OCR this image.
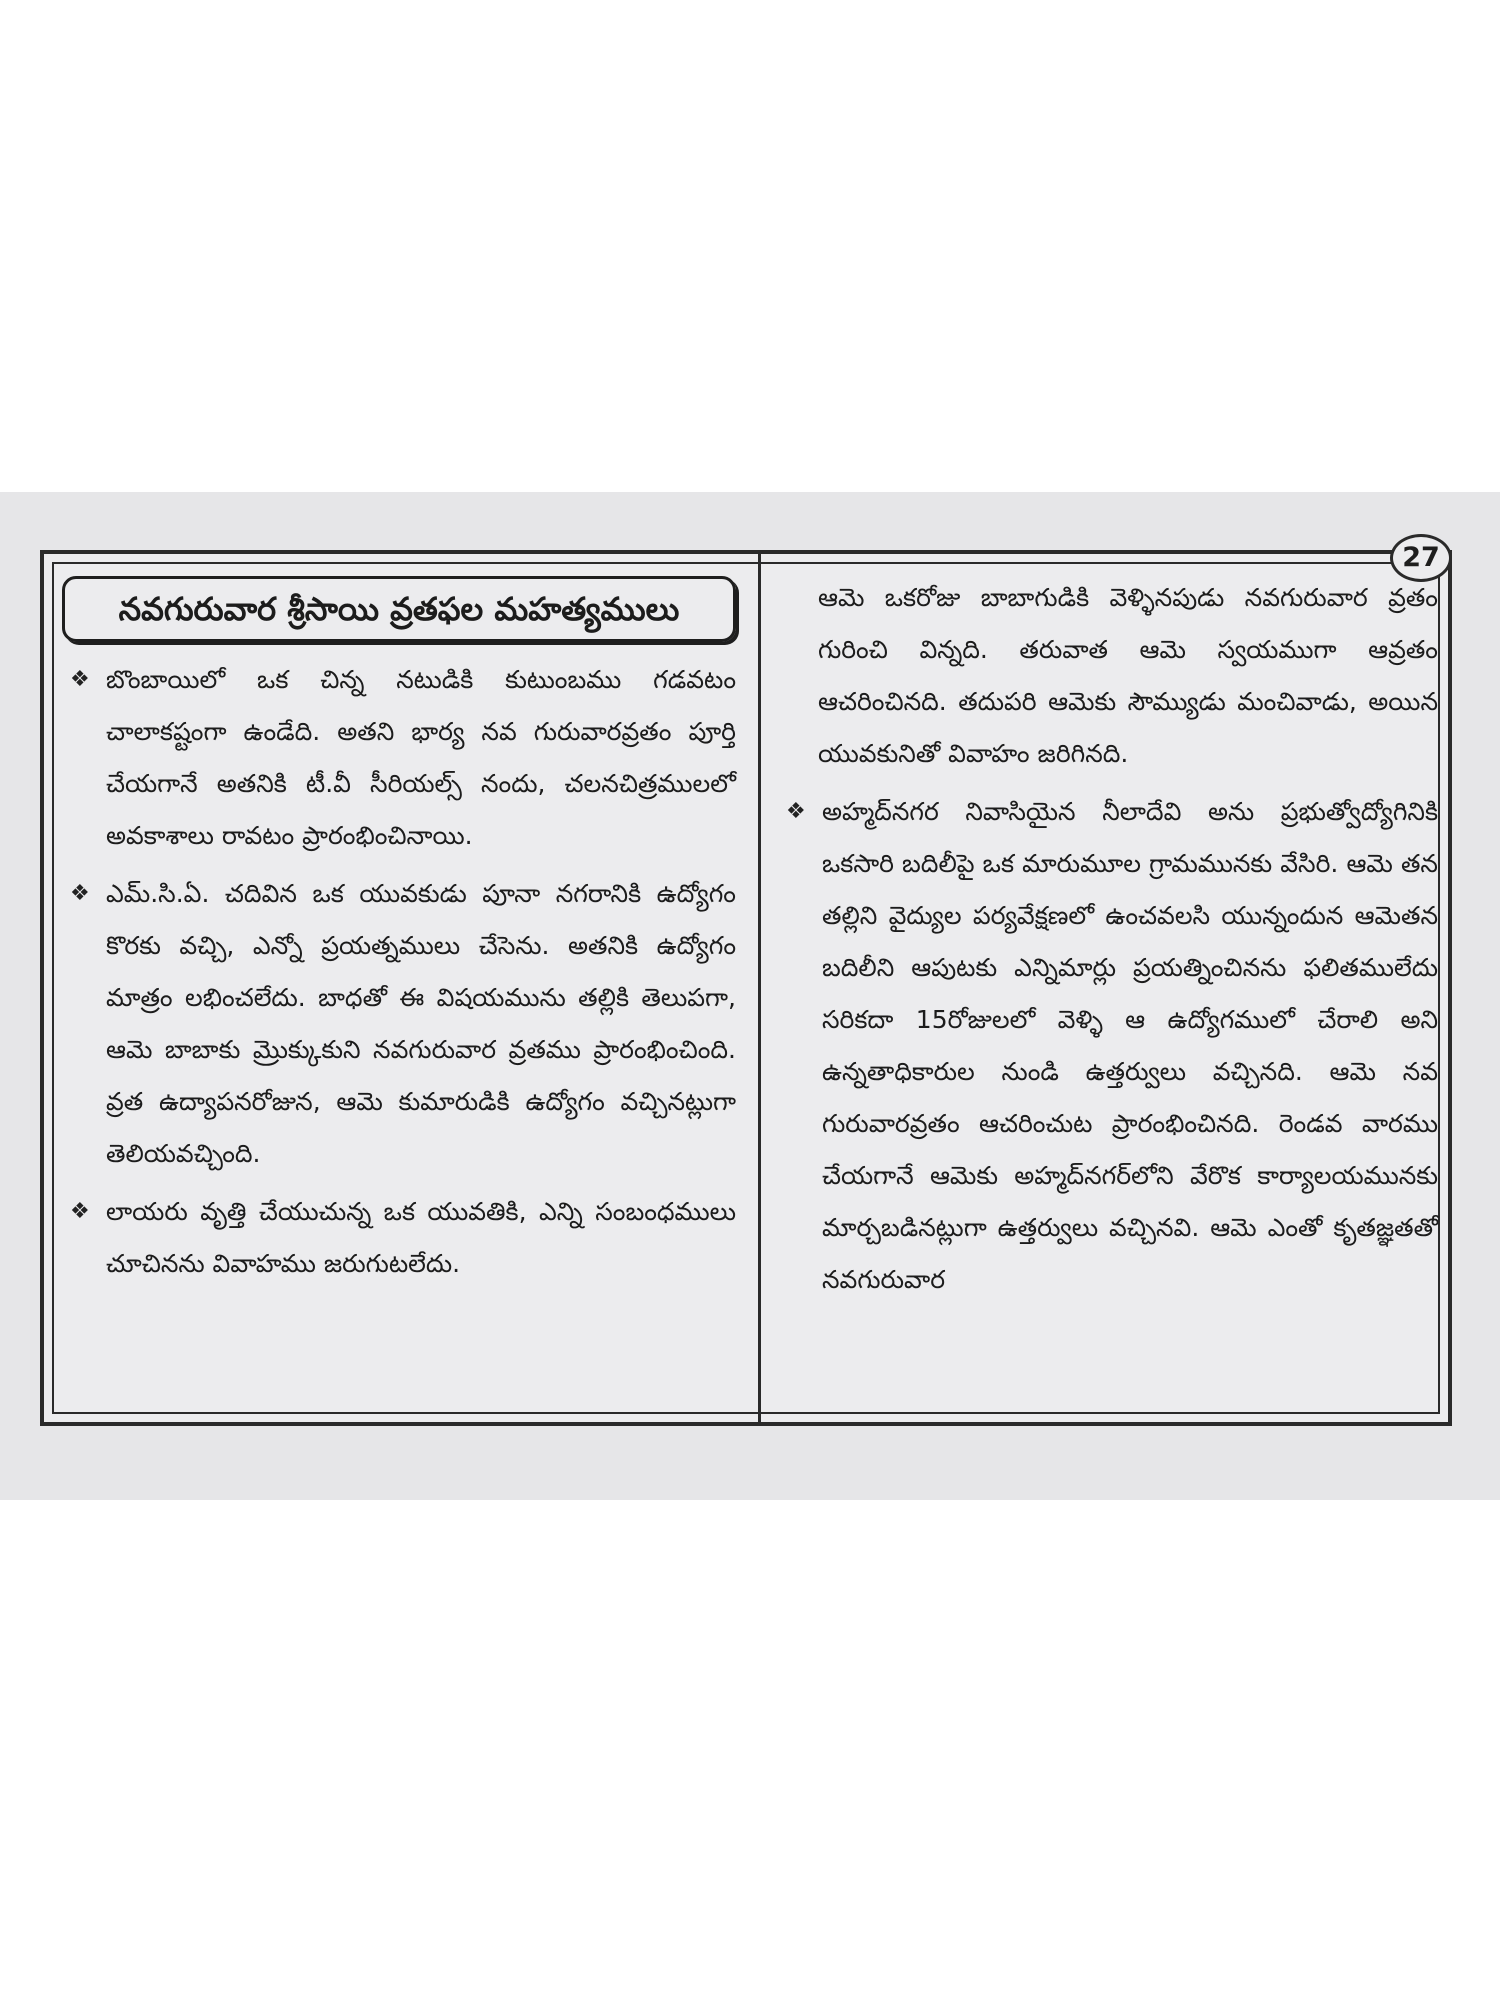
27
నవగురువార శ్రీసాయి వ్రతఫల మహత్యములు
❖ బొంబాయిలో ఒక చిన్న నటుడికి కుటుంబము గడవటం చాలాకష్టంగా ఉండేది. అతని భార్య నవ గురువారవ్రతం పూర్తి చేయగానే అతనికి టీ.వీ సీరియల్స్ నందు, చలనచిత్రములలో అవకాశాలు రావటం ప్రారంభించినాయి.
❖ ఎమ్.సి.ఏ. చదివిన ఒక యువకుడు పూనా నగరానికి ఉద్యోగం కొరకు వచ్చి, ఎన్నో ప్రయత్నములు చేసెను. అతనికి ఉద్యోగం మాత్రం లభించలేదు. బాధతో ఈ విషయమును తల్లికి తెలుపగా, ఆమె బాబాకు మ్రొక్కుకుని నవగురువార వ్రతము ప్రారంభించింది. వ్రత ఉద్యాపనరోజున, ఆమె కుమారుడికి ఉద్యోగం వచ్చినట్లుగా తెలియవచ్చింది.
❖ లాయరు వృత్తి చేయుచున్న ఒక యువతికి, ఎన్ని సంబంధములు చూచినను వివాహము జరుగుటలేదు.
ఆమె ఒకరోజు బాబాగుడికి వెళ్ళినపుడు నవగురువార వ్రతం గురించి విన్నది. తరువాత ఆమె స్వయముగా ఆవ్రతం ఆచరించినది. తదుపరి ఆమెకు సౌమ్యుడు మంచివాడు, అయిన యువకునితో వివాహం జరిగినది.
❖ అహ్మద్‌నగర నివాసియైన నీలాదేవి అను ప్రభుత్వోద్యోగినికి ఒకసారి బదిలీపై ఒక మారుమూల గ్రామమునకు వేసిరి. ఆమె తన తల్లిని వైద్యుల పర్యవేక్షణలో ఉంచవలసి యున్నందున ఆమెతన బదిలీని ఆపుటకు ఎన్నిమార్లు ప్రయత్నించినను ఫలితములేదు సరికదా 15రోజులలో వెళ్ళి ఆ ఉద్యోగములో చేరాలి అని ఉన్నతాధికారుల నుండి ఉత్తర్వులు వచ్చినది. ఆమె నవ గురువారవ్రతం ఆచరించుట ప్రారంభించినది. రెండవ వారము చేయగానే ఆమెకు అహ్మద్‌నగర్‌లోని వేరొక కార్యాలయమునకు మార్చబడినట్లుగా ఉత్తర్వులు వచ్చినవి. ఆమె ఎంతో కృతజ్ఞతతో నవగురువార
